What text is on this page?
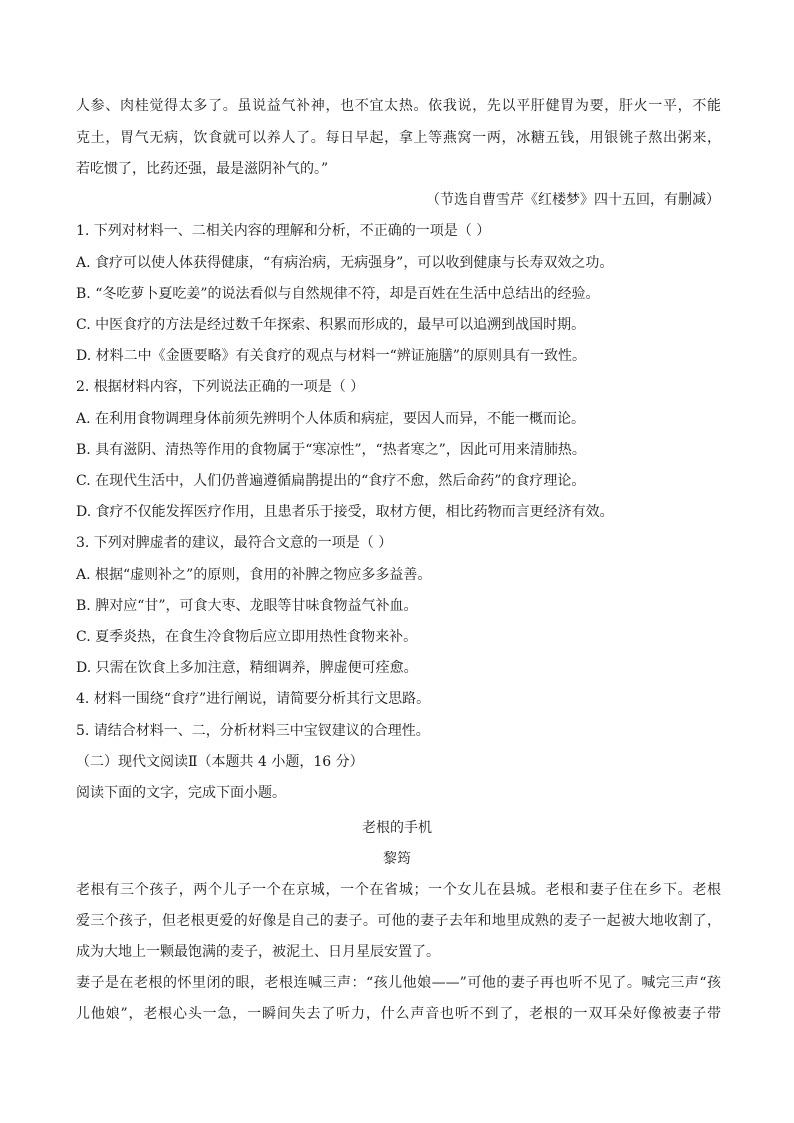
人参、肉桂觉得太多了。虽说益气补神，也不宜太热。依我说，先以平肝健胃为要，肝火一平，不能
克土，胃气无病，饮食就可以养人了。每日早起，拿上等燕窝一两，冰糖五钱，用银铫子熬出粥来，
若吃惯了，比药还强，最是滋阴补气的。”
（节选自曹雪芹《红楼梦》四十五回，有删减）
1. 下列对材料一、二相关内容的理解和分析，不正确的一项是（ ）
A. 食疗可以使人体获得健康，“有病治病，无病强身”，可以收到健康与长寿双效之功。
B. “冬吃萝卜夏吃姜”的说法看似与自然规律不符，却是百姓在生活中总结出的经验。
C. 中医食疗的方法是经过数千年探索、积累而形成的，最早可以追溯到战国时期。
D. 材料二中《金匮要略》有关食疗的观点与材料一“辨证施膳”的原则具有一致性。
2. 根据材料内容，下列说法正确的一项是（ ）
A. 在利用食物调理身体前须先辨明个人体质和病症，要因人而异，不能一概而论。
B. 具有滋阴、清热等作用的食物属于“寒凉性”，“热者寒之”，因此可用来清肺热。
C. 在现代生活中，人们仍普遍遵循扁鹊提出的“食疗不愈，然后命药”的食疗理论。
D. 食疗不仅能发挥医疗作用，且患者乐于接受，取材方便，相比药物而言更经济有效。
3. 下列对脾虚者的建议，最符合文意的一项是（ ）
A. 根据“虚则补之”的原则，食用的补脾之物应多多益善。
B. 脾对应“甘”，可食大枣、龙眼等甘味食物益气补血。
C. 夏季炎热，在食生冷食物后应立即用热性食物来补。
D. 只需在饮食上多加注意，精细调养，脾虚便可痊愈。
4. 材料一围绕“食疗”进行阐说，请简要分析其行文思路。
5. 请结合材料一、二，分析材料三中宝钗建议的合理性。
（二）现代文阅读Ⅱ（本题共 4 小题，16 分）
阅读下面的文字，完成下面小题。
老根的手机
黎筠
老根有三个孩子，两个儿子一个在京城，一个在省城；一个女儿在县城。老根和妻子住在乡下。老根
爱三个孩子，但老根更爱的好像是自己的妻子。可他的妻子去年和地里成熟的麦子一起被大地收割了，
成为大地上一颗最饱满的麦子，被泥土、日月星辰安置了。
妻子是在老根的怀里闭的眼，老根连喊三声：“孩儿他娘——”可他的妻子再也听不见了。喊完三声“孩
儿他娘”，老根心头一急，一瞬间失去了听力，什么声音也听不到了，老根的一双耳朵好像被妻子带
